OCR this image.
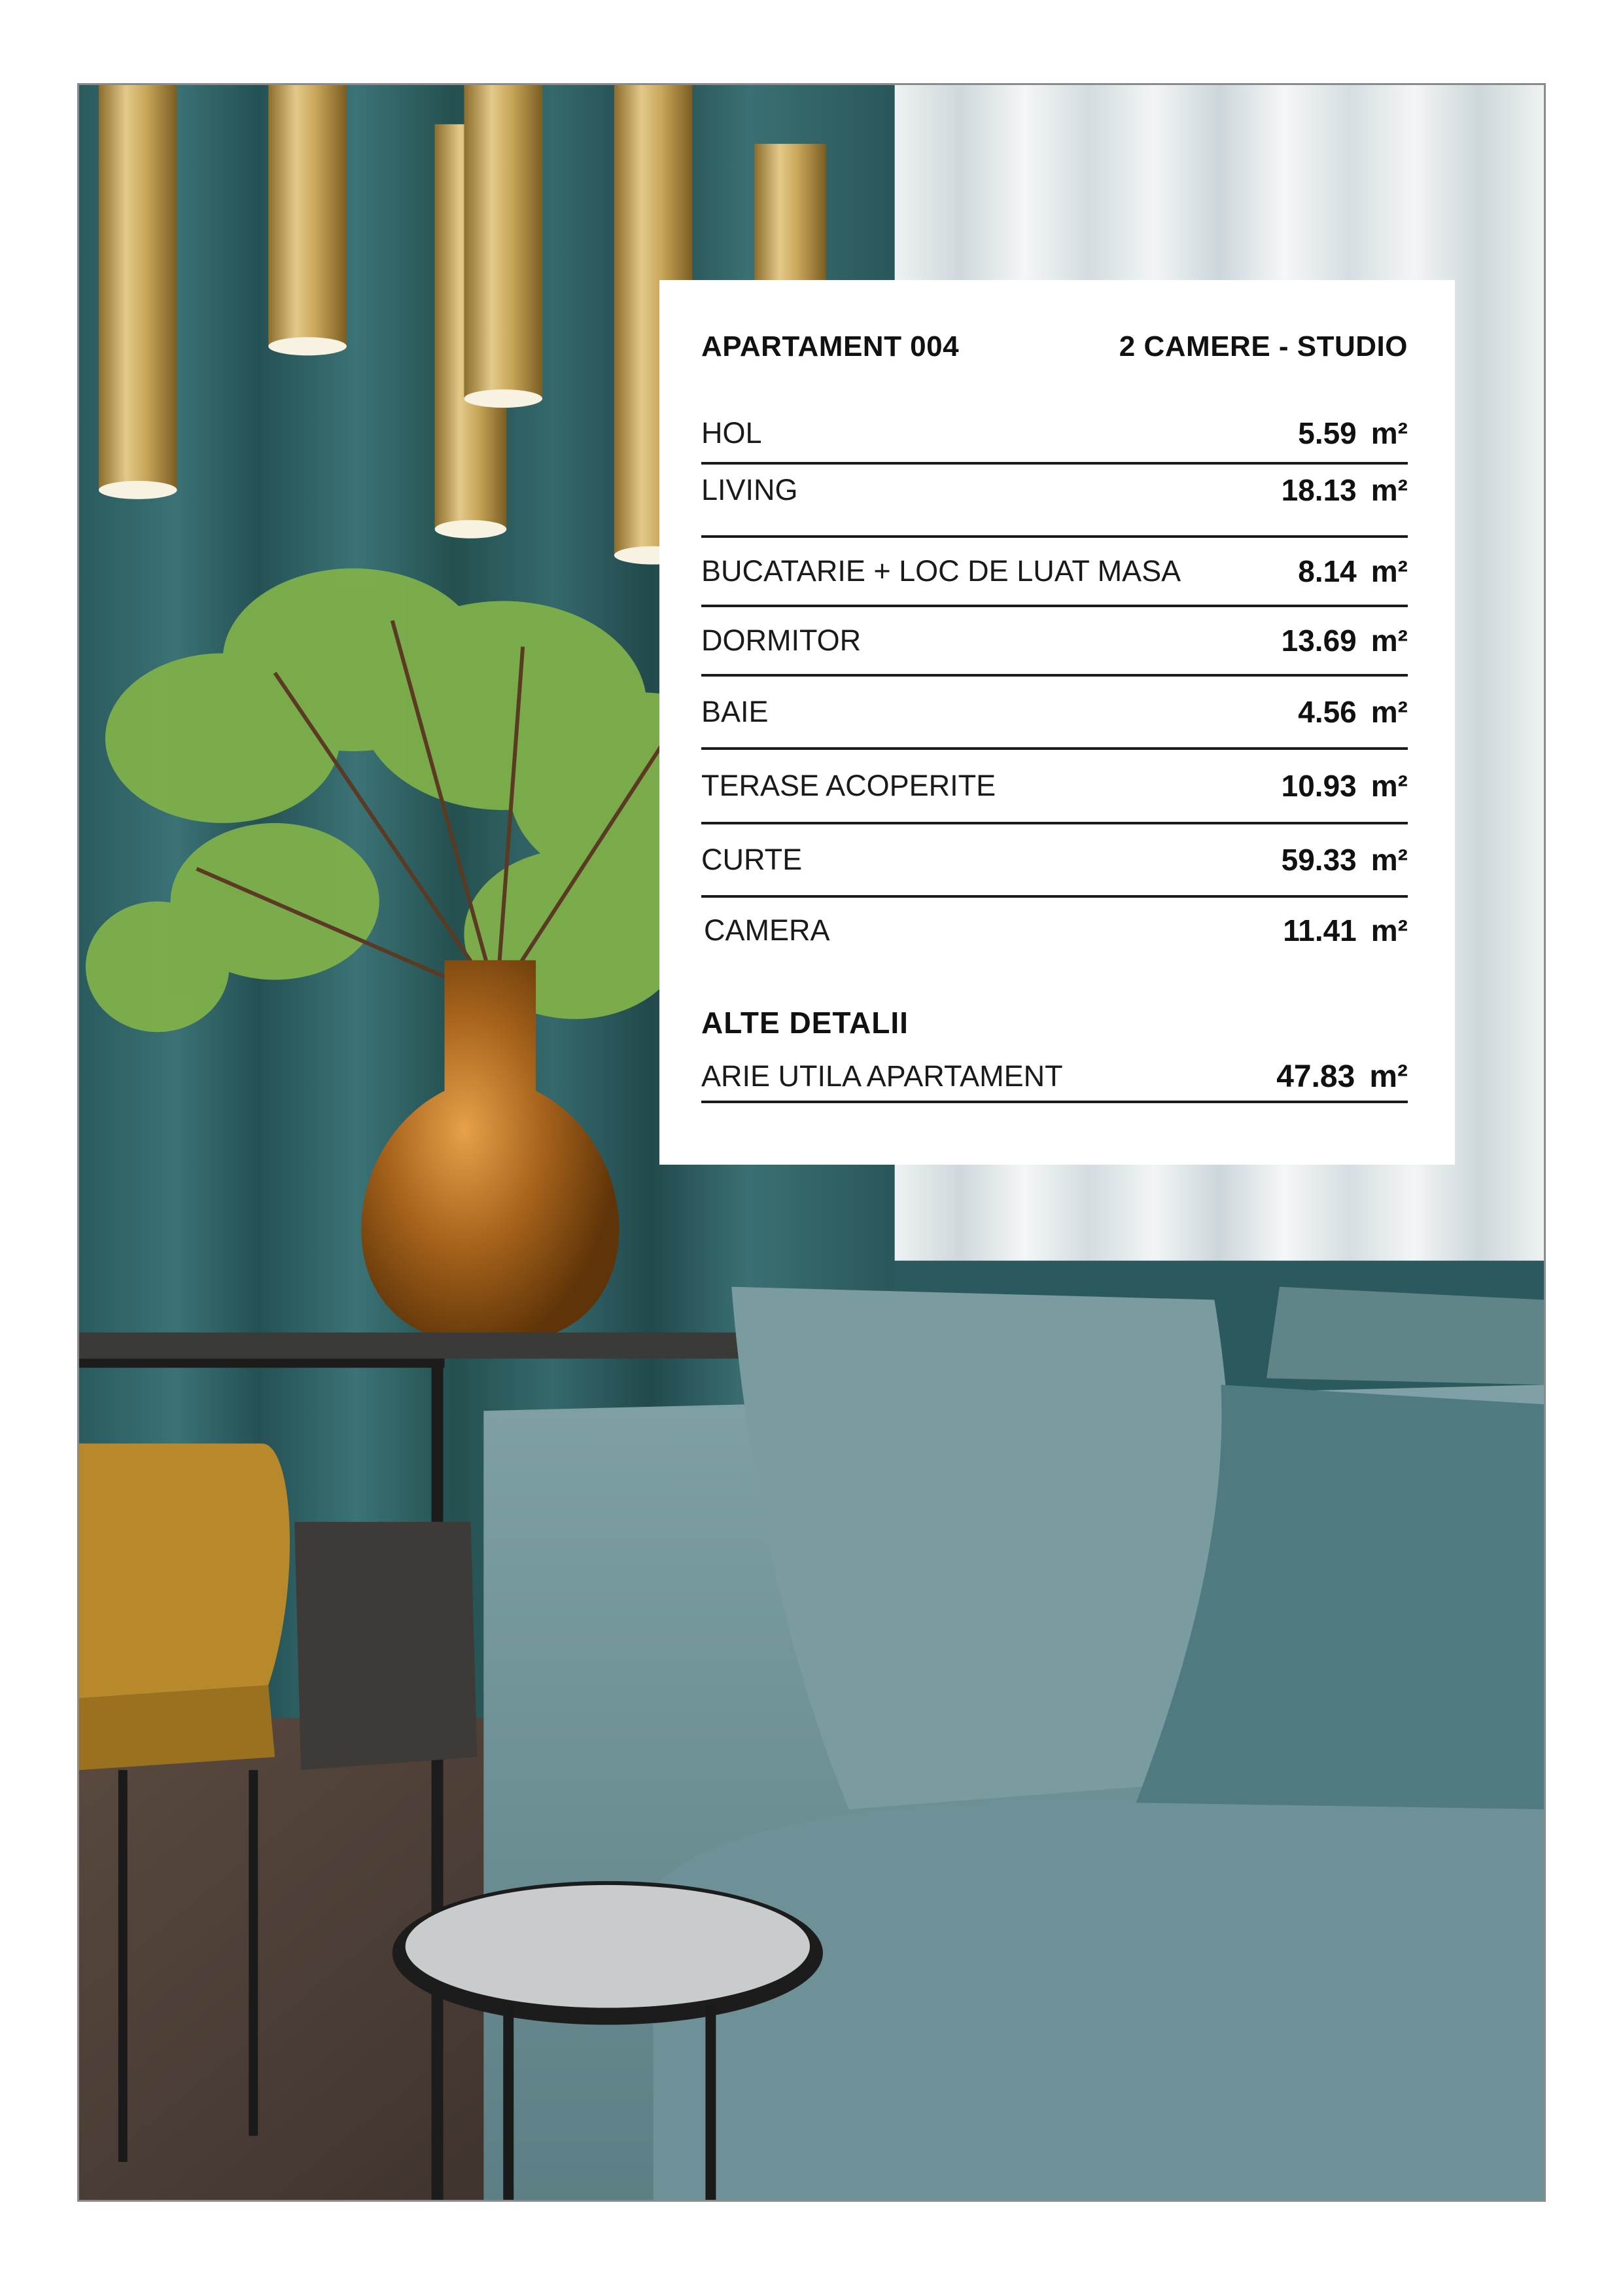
APARTAMENT 004	2 CAMERE - STUDIO
HOL	5.59 m²
LIVING	18.13 m²
BUCATARIE + LOC DE LUAT MASA	8.14 m²
DORMITOR	13.69 m²
BAIE	4.56 m²
TERASE ACOPERITE	10.93 m²
CURTE	59.33 m²
CAMERA	11.41 m²
ALTE DETALII
ARIE UTILA APARTAMENT	47.83 m²
